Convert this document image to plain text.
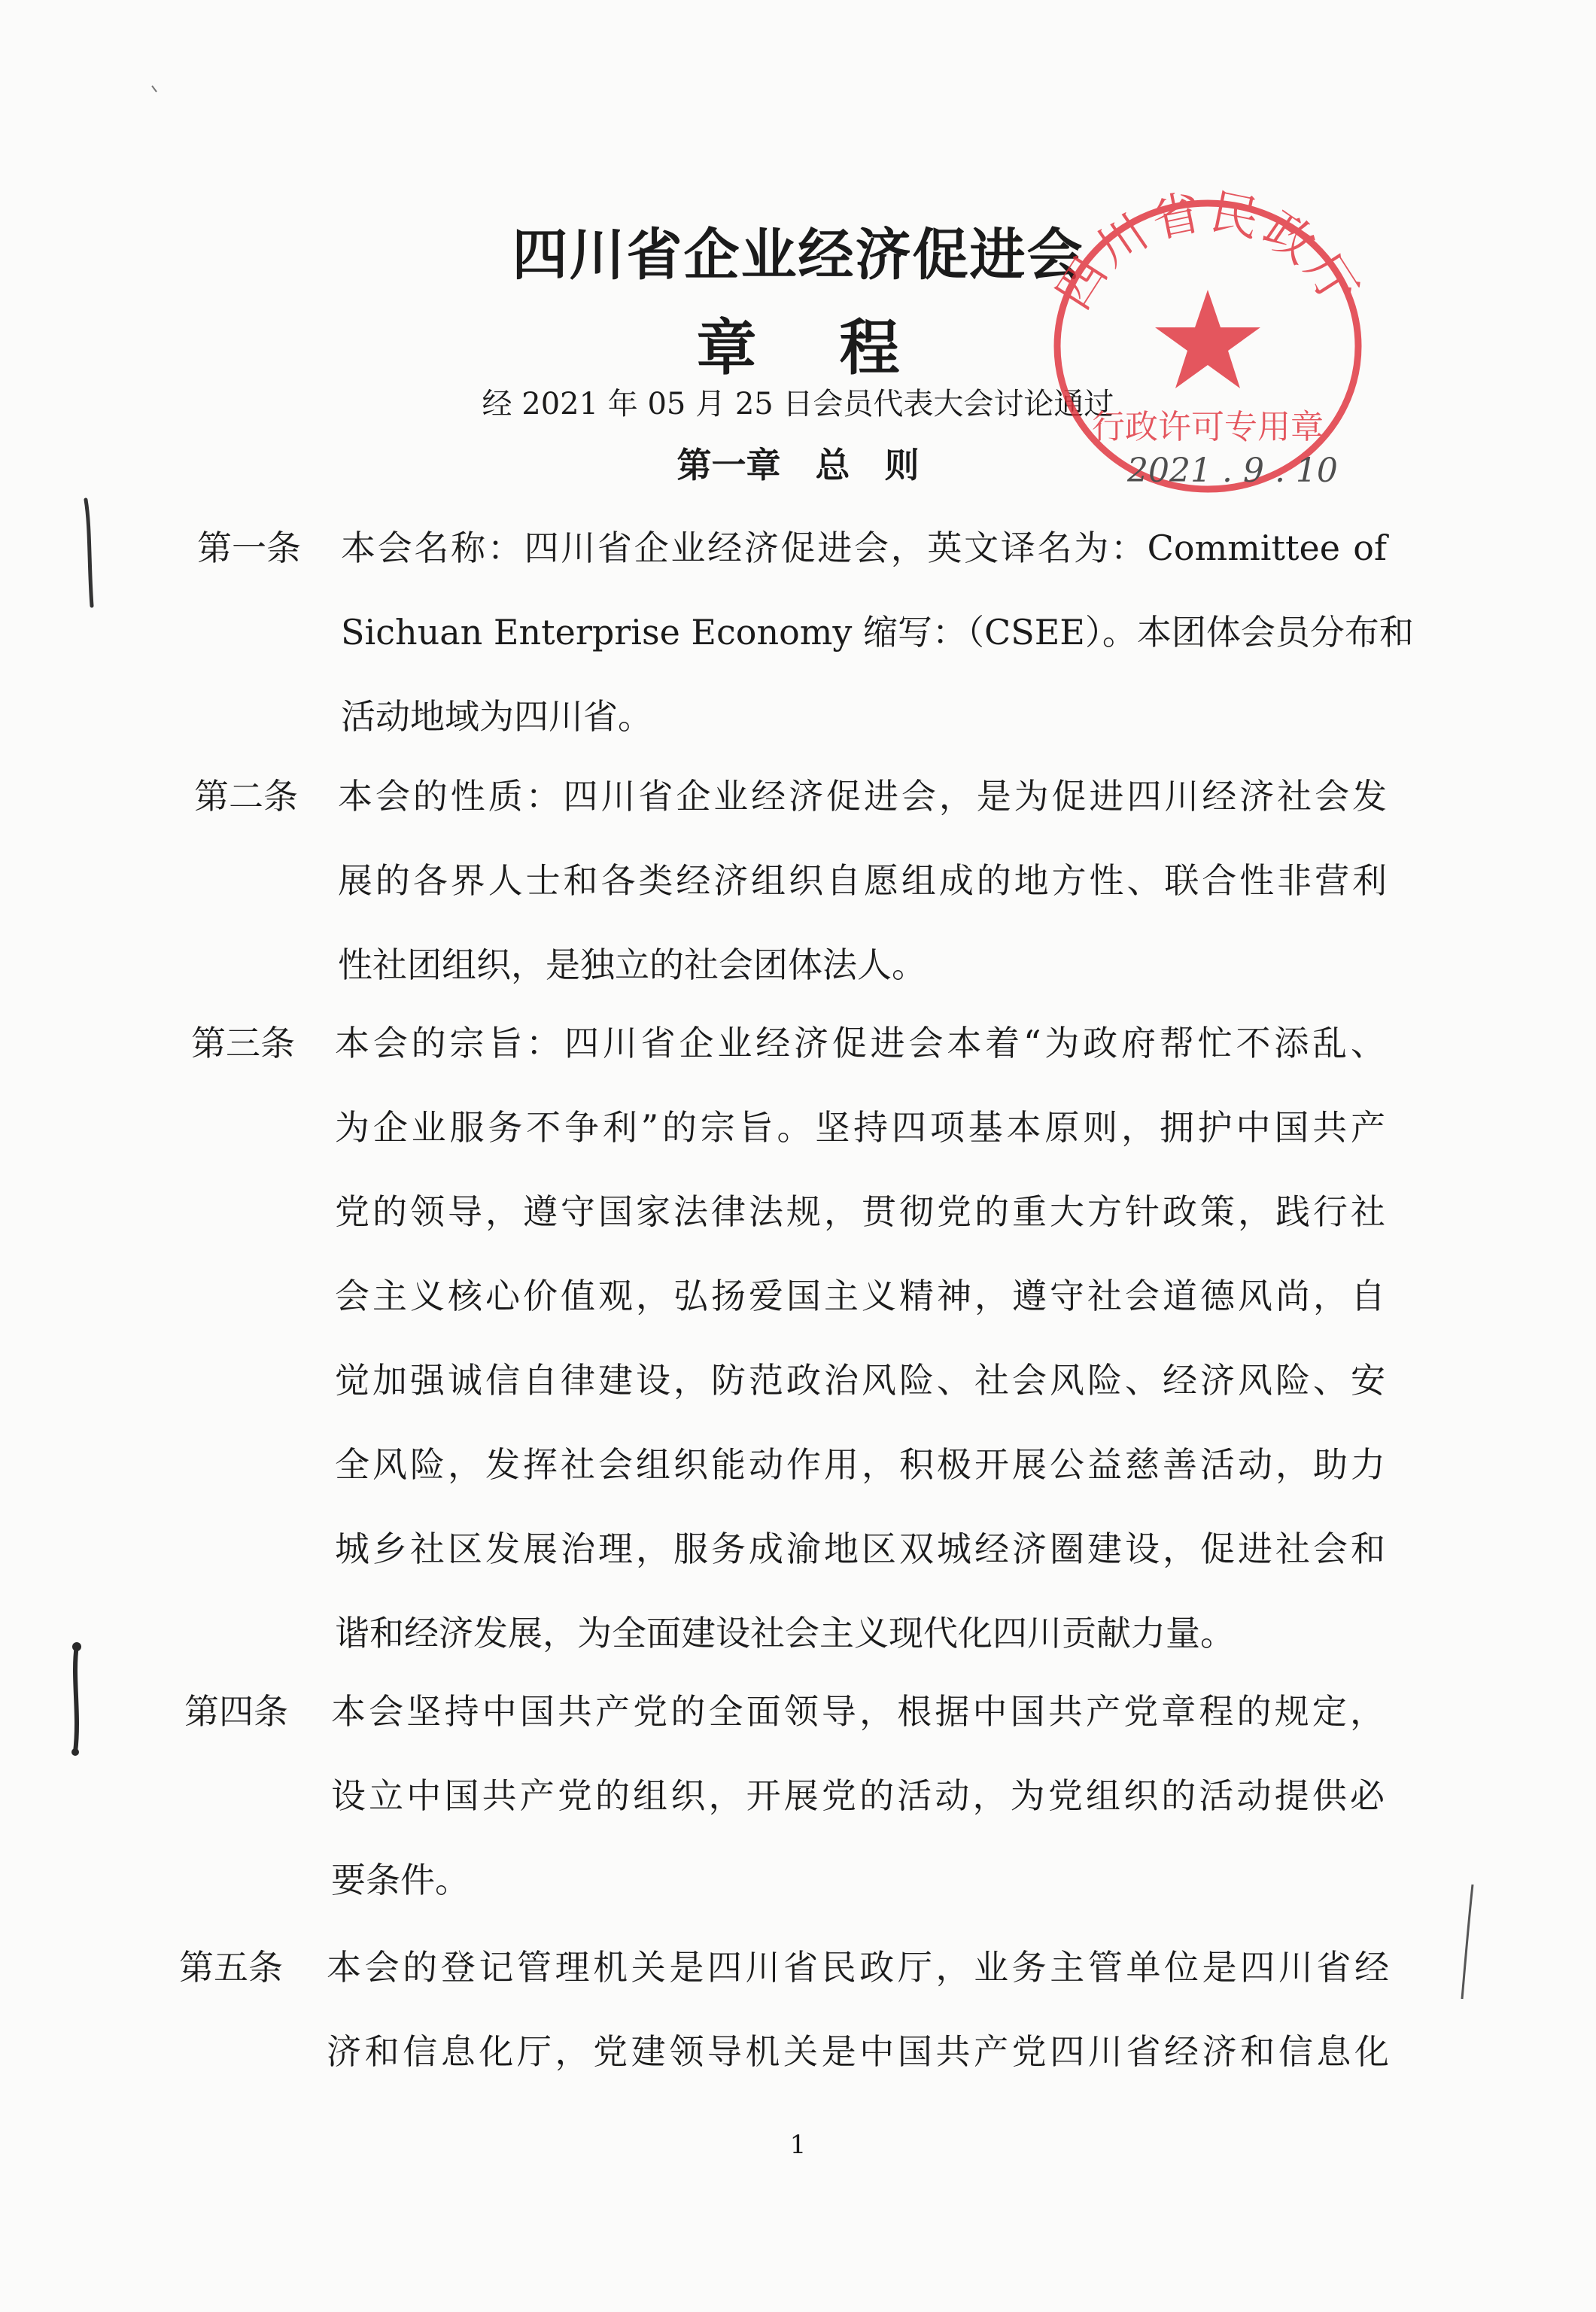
四川省企业经济促进会
章程
经 2021 年 05 月 25 日会员代表大会讨论通过
第一章 总 则
第一条 本会名称：四川省企业经济促进会，英文译名为：Committee of
Sichuan Enterprise Economy 缩写：（CSEE）。本团体会员分布和
活动地域为四川省。
第二条 本会的性质：四川省企业经济促进会，是为促进四川经济社会发
展的各界人士和各类经济组织自愿组成的地方性、联合性非营利
性社团组织，是独立的社会团体法人。
第三条 本会的宗旨：四川省企业经济促进会本着“为政府帮忙不添乱、
为企业服务不争利”的宗旨。坚持四项基本原则，拥护中国共产
党的领导，遵守国家法律法规，贯彻党的重大方针政策，践行社
会主义核心价值观，弘扬爱国主义精神，遵守社会道德风尚，自
觉加强诚信自律建设，防范政治风险、社会风险、经济风险、安
全风险，发挥社会组织能动作用，积极开展公益慈善活动，助力
城乡社区发展治理，服务成渝地区双城经济圈建设，促进社会和
谐和经济发展，为全面建设社会主义现代化四川贡献力量。
第四条 本会坚持中国共产党的全面领导，根据中国共产党章程的规定，
设立中国共产党的组织，开展党的活动，为党组织的活动提供必
要条件。
第五条 本会的登记管理机关是四川省民政厅，业务主管单位是四川省经
济和信息化厅，党建领导机关是中国共产党四川省经济和信息化
1
四川省民政厅
行政许可专用章
2021 . 9 . 10
